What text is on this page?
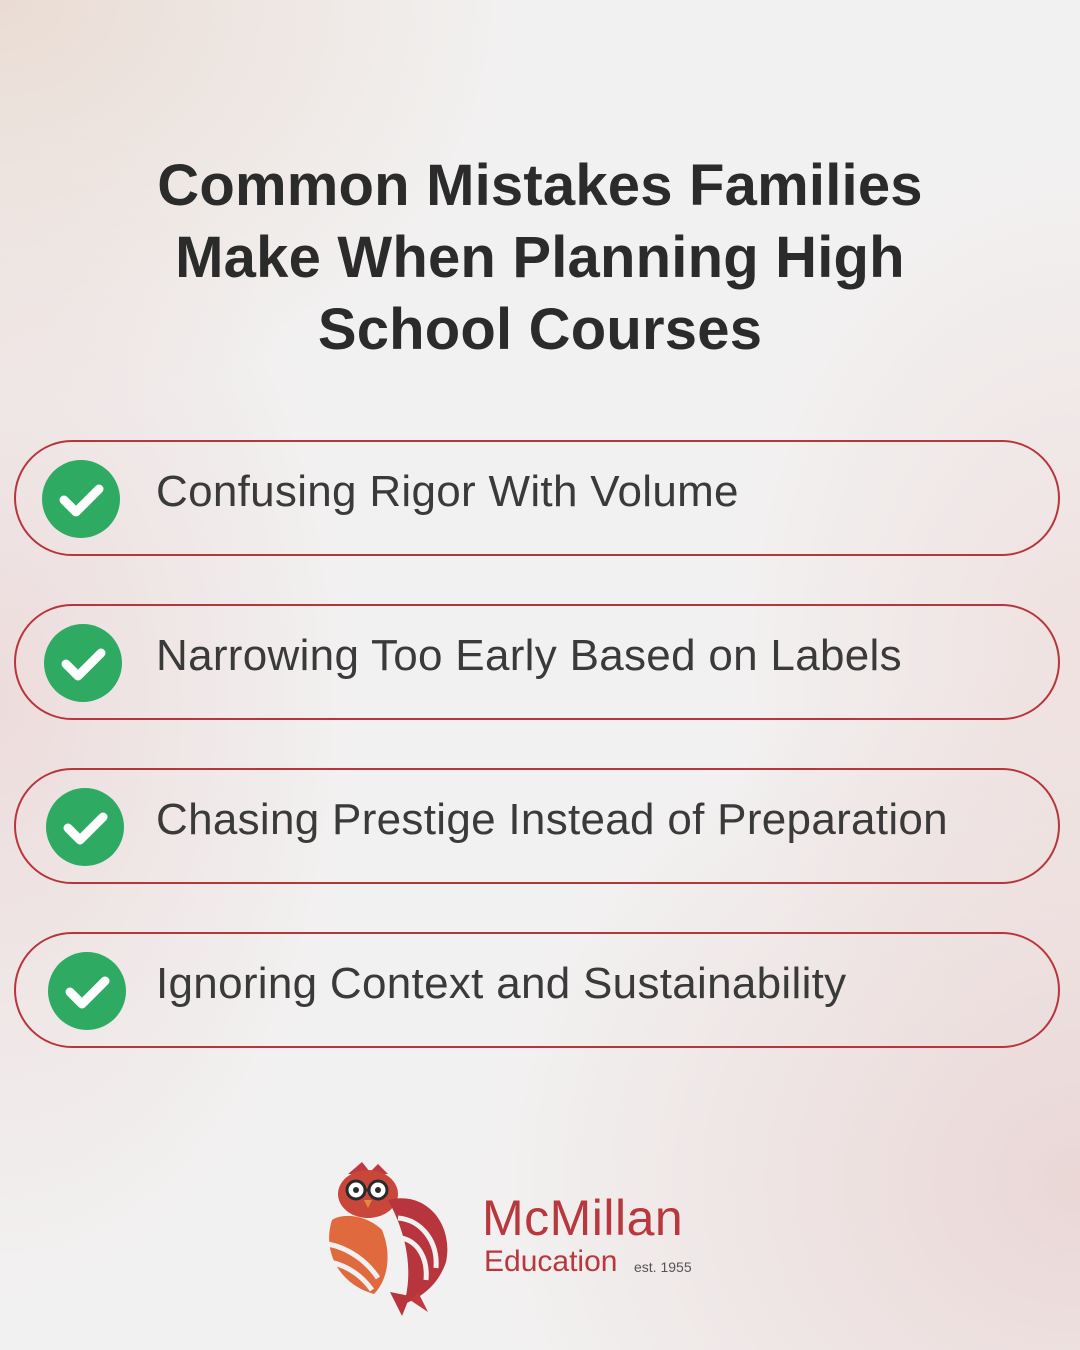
Common Mistakes Families
Make When Planning High
School Courses
Confusing Rigor With Volume
Narrowing Too Early Based on Labels
Chasing Prestige Instead of Preparation
Ignoring Context and Sustainability
McMillan
Education est. 1955
